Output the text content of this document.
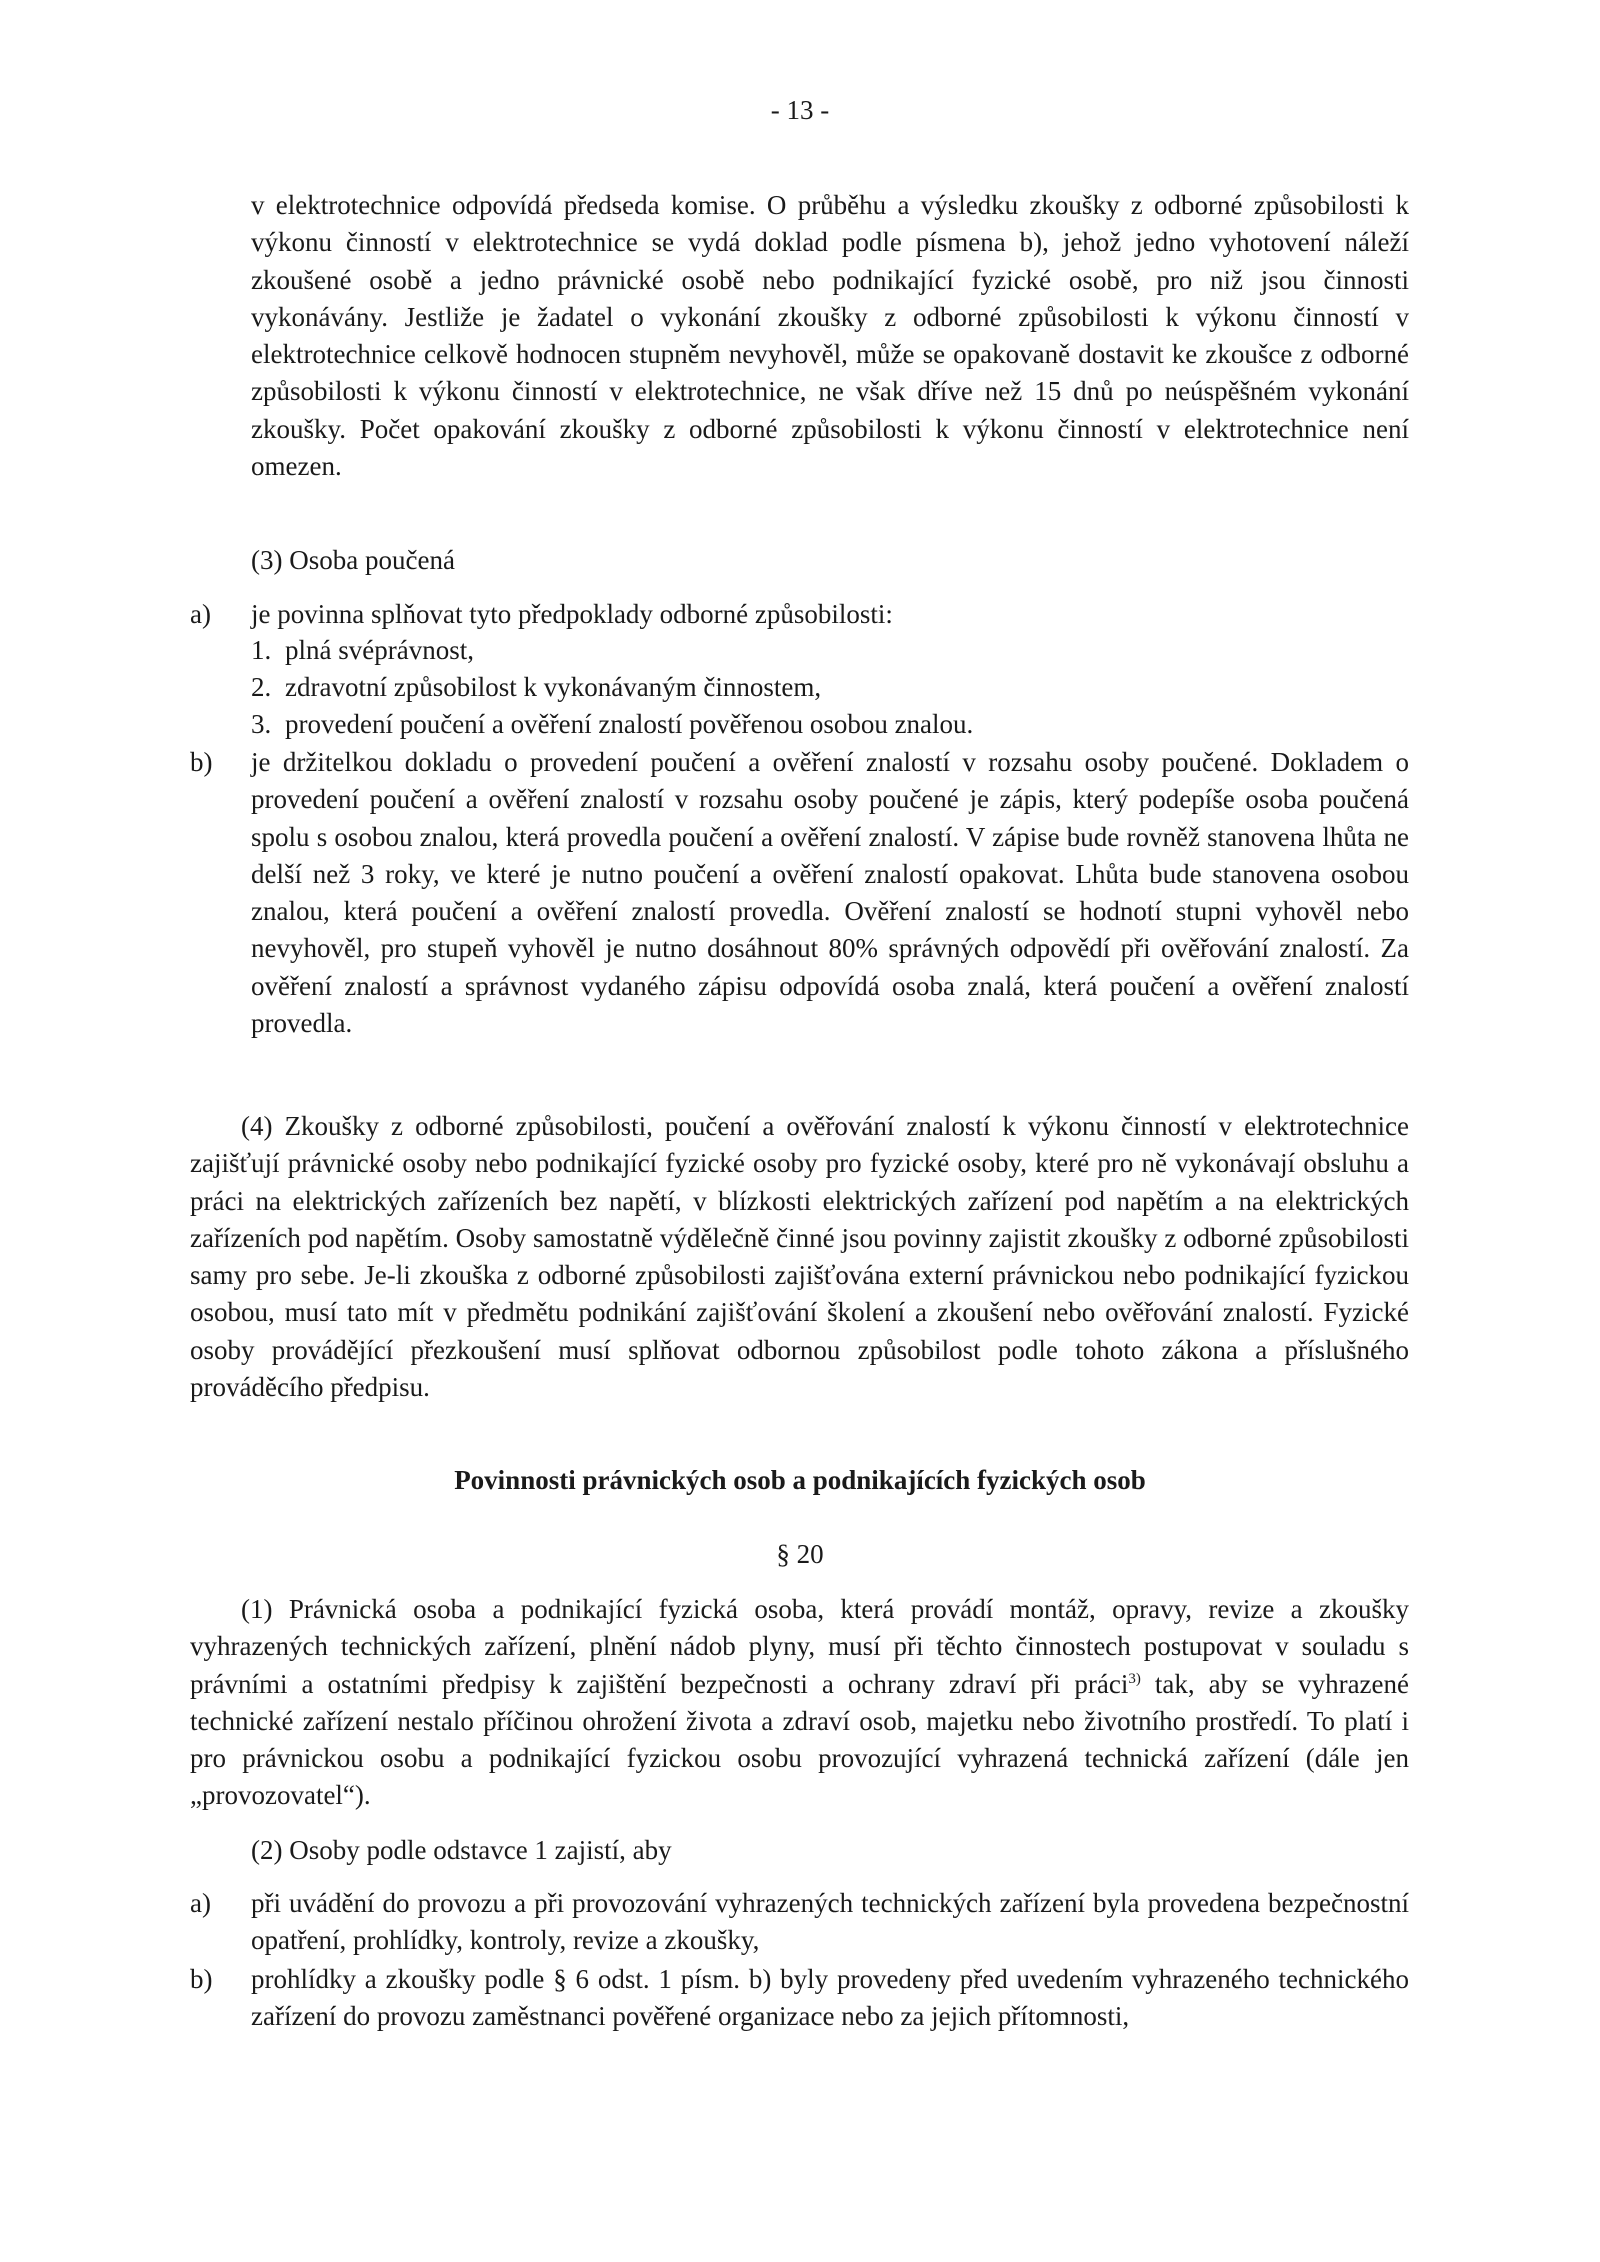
- 13 -
v elektrotechnice odpovídá předseda komise. O průběhu a výsledku zkoušky z odborné způsobilosti k výkonu činností v elektrotechnice se vydá doklad podle písmena b), jehož jedno vyhotovení náleží zkoušené osobě a jedno právnické osobě nebo podnikající fyzické osobě, pro niž jsou činnosti vykonávány. Jestliže je žadatel o vykonání zkoušky z odborné způsobilosti k výkonu činností v elektrotechnice celkově hodnocen stupněm nevyhověl, může se opakovaně dostavit ke zkoušce z odborné způsobilosti k výkonu činností v elektrotechnice, ne však dříve než 15 dnů po neúspěšném vykonání zkoušky. Počet opakování zkoušky z odborné způsobilosti k výkonu činností v elektrotechnice není omezen.
(3) Osoba poučená
a) je povinna splňovat tyto předpoklady odborné způsobilosti:
1. plná svéprávnost,
2. zdravotní způsobilost k vykonávaným činnostem,
3. provedení poučení a ověření znalostí pověřenou osobou znalou.
b) je držitelkou dokladu o provedení poučení a ověření znalostí v rozsahu osoby poučené. Dokladem o provedení poučení a ověření znalostí v rozsahu osoby poučené je zápis, který podepíše osoba poučená spolu s osobou znalou, která provedla poučení a ověření znalostí. V zápise bude rovněž stanovena lhůta ne delší než 3 roky, ve které je nutno poučení a ověření znalostí opakovat. Lhůta bude stanovena osobou znalou, která poučení a ověření znalostí provedla. Ověření znalostí se hodnotí stupni vyhověl nebo nevyhověl, pro stupeň vyhověl je nutno dosáhnout 80% správných odpovědí při ověřování znalostí. Za ověření znalostí a správnost vydaného zápisu odpovídá osoba znalá, která poučení a ověření znalostí provedla.
(4) Zkoušky z odborné způsobilosti, poučení a ověřování znalostí k výkonu činností v elektrotechnice zajišťují právnické osoby nebo podnikající fyzické osoby pro fyzické osoby, které pro ně vykonávají obsluhu a práci na elektrických zařízeních bez napětí, v blízkosti elektrických zařízení pod napětím a na elektrických zařízeních pod napětím. Osoby samostatně výdělečně činné jsou povinny zajistit zkoušky z odborné způsobilosti samy pro sebe. Je-li zkouška z odborné způsobilosti zajišťována externí právnickou nebo podnikající fyzickou osobou, musí tato mít v předmětu podnikání zajišťování školení a zkoušení nebo ověřování znalostí. Fyzické osoby provádějící přezkoušení musí splňovat odbornou způsobilost podle tohoto zákona a příslušného prováděcího předpisu.
Povinnosti právnických osob a podnikajících fyzických osob
§ 20
(1) Právnická osoba a podnikající fyzická osoba, která provádí montáž, opravy, revize a zkoušky vyhrazených technických zařízení, plnění nádob plyny, musí při těchto činnostech postupovat v souladu s právními a ostatními předpisy k zajištění bezpečnosti a ochrany zdraví při práci$^{3)}$ tak, aby se vyhrazené technické zařízení nestalo příčinou ohrožení života a zdraví osob, majetku nebo životního prostředí. To platí i pro právnickou osobu a podnikající fyzickou osobu provozující vyhrazená technická zařízení (dále jen „provozovatel“).
(2) Osoby podle odstavce 1 zajistí, aby
a) při uvádění do provozu a při provozování vyhrazených technických zařízení byla provedena bezpečnostní opatření, prohlídky, kontroly, revize a zkoušky,
b) prohlídky a zkoušky podle § 6 odst. 1 písm. b) byly provedeny před uvedením vyhrazeného technického zařízení do provozu zaměstnanci pověřené organizace nebo za jejich přítomnosti,
